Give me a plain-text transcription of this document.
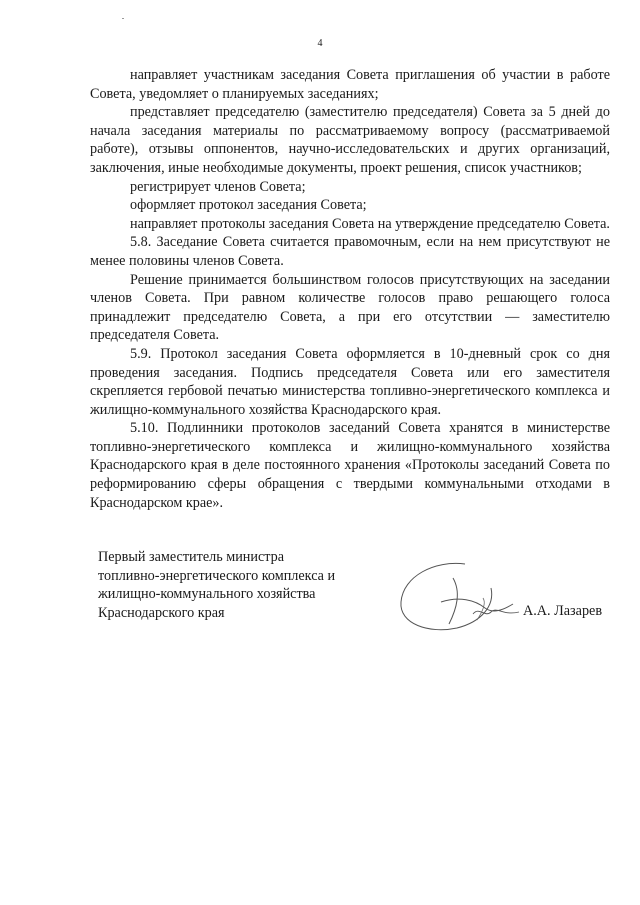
4

направляет участникам заседания Совета приглашения об участии в работе Совета, уведомляет о планируемых заседаниях;

представляет председателю (заместителю председателя) Совета за 5 дней до начала заседания материалы по рассматриваемому вопросу (рассматриваемой работе), отзывы оппонентов, научно-исследовательских и других организаций, заключения, иные необходимые документы, проект решения, список участников;

регистрирует членов Совета;

оформляет протокол заседания Совета;

направляет протоколы заседания Совета на утверждение председателю Совета.

5.8. Заседание Совета считается правомочным, если на нем присутствуют не менее половины членов Совета.

Решение принимается большинством голосов присутствующих на заседании членов Совета. При равном количестве голосов право решающего голоса принадлежит председателю Совета, а при его отсутствии — заместителю председателя Совета.

5.9. Протокол заседания Совета оформляется в 10-дневный срок со дня проведения заседания. Подпись председателя Совета или его заместителя скрепляется гербовой печатью министерства топливно-энергетического комплекса и жилищно-коммунального хозяйства Краснодарского края.

5.10. Подлинники протоколов заседаний Совета хранятся в министерстве топливно-энергетического комплекса и жилищно-коммунального хозяйства Краснодарского края в деле постоянного хранения «Протоколы заседаний Совета по реформированию сферы обращения с твердыми коммунальными отходами в Краснодарском крае».

Первый заместитель министра
топливно-энергетического комплекса и
жилищно-коммунального хозяйства
Краснодарского края	А.А. Лазарев
